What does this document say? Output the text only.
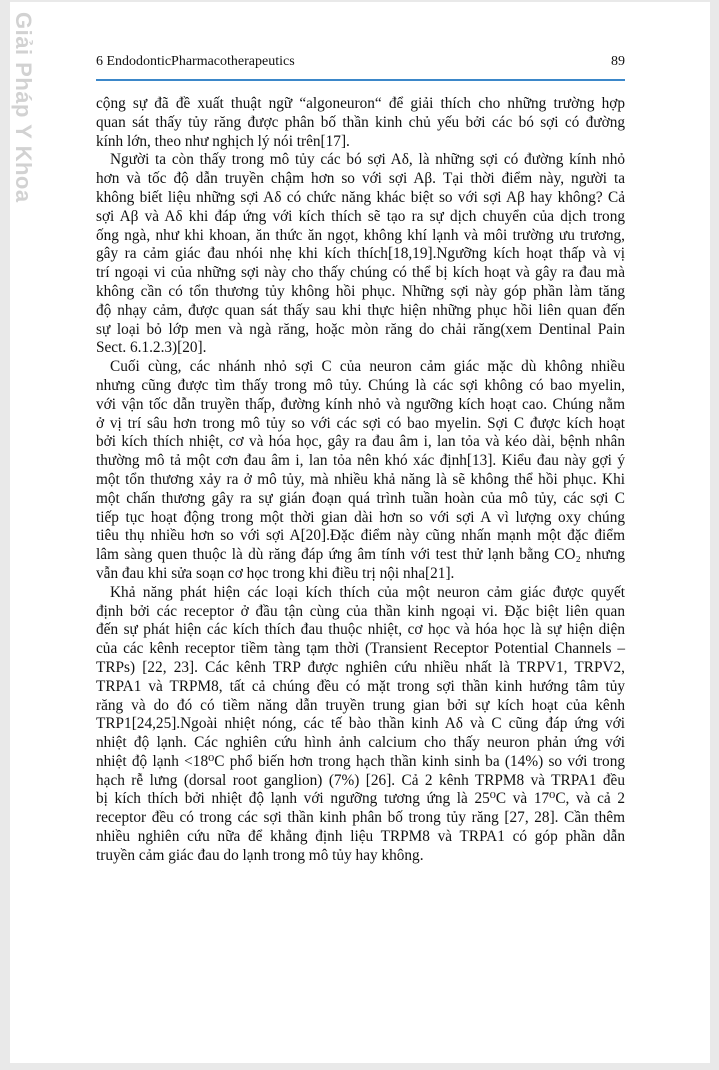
6 EndodonticPharmacotherapeutics	89
cộng sự đã đề xuất thuật ngữ “algoneuron“ để giải thích cho những trường hợp
quan sát thấy tủy răng được phân bố thần kinh chủ yếu bởi các bó sợi có đường
kính lớn, theo như nghịch lý nói trên[17].
Người ta còn thấy trong mô tủy các bó sợi Aδ, là những sợi có đường kính nhỏ
hơn và tốc độ dẫn truyền chậm hơn so với sợi Aβ. Tại thời điểm này, người ta
không biết liệu những sợi Aδ có chức năng khác biệt so với sợi Aβ hay không? Cả
sợi Aβ và Aδ khi đáp ứng với kích thích sẽ tạo ra sự dịch chuyển của dịch trong
ống ngà, như khi khoan, ăn thức ăn ngọt, không khí lạnh và môi trường ưu trương,
gây ra cảm giác đau nhói nhẹ khi kích thích[18,19].Ngưỡng kích hoạt thấp và vị
trí ngoại vi của những sợi này cho thấy chúng có thể bị kích hoạt và gây ra đau mà
không cần có tổn thương tủy không hồi phục. Những sợi này góp phần làm tăng
độ nhạy cảm, được quan sát thấy sau khi thực hiện những phục hồi liên quan đến
sự loại bỏ lớp men và ngà răng, hoặc mòn răng do chải răng(xem Dentinal Pain
Sect. 6.1.2.3)[20].
Cuối cùng, các nhánh nhỏ sợi C của neuron cảm giác mặc dù không nhiều
nhưng cũng được tìm thấy trong mô tủy. Chúng là các sợi không có bao myelin,
với vận tốc dẫn truyền thấp, đường kính nhỏ và ngưỡng kích hoạt cao. Chúng nằm
ở vị trí sâu hơn trong mô tủy so với các sợi có bao myelin. Sợi C được kích hoạt
bởi kích thích nhiệt, cơ và hóa học, gây ra đau âm i, lan tỏa và kéo dài, bệnh nhân
thường mô tả một cơn đau âm i, lan tỏa nên khó xác định[13]. Kiểu đau này gợi ý
một tổn thương xảy ra ở mô tủy, mà nhiều khả năng là sẽ không thể hồi phục. Khi
một chấn thương gây ra sự gián đoạn quá trình tuần hoàn của mô tủy, các sợi C
tiếp tục hoạt động trong một thời gian dài hơn so với sợi A vì lượng oxy chúng
tiêu thụ nhiều hơn so với sợi A[20].Đặc điểm này cũng nhấn mạnh một đặc điểm
lâm sàng quen thuộc là dù răng đáp ứng âm tính với test thử lạnh bằng CO₂ nhưng
vẫn đau khi sửa soạn cơ học trong khi điều trị nội nha[21].
Khả năng phát hiện các loại kích thích của một neuron cảm giác được quyết
định bởi các receptor ở đầu tận cùng của thần kinh ngoại vi. Đặc biệt liên quan
đến sự phát hiện các kích thích đau thuộc nhiệt, cơ học và hóa học là sự hiện diện
của các kênh receptor tiềm tàng tạm thời (Transient Receptor Potential Channels –
TRPs) [22, 23]. Các kênh TRP được nghiên cứu nhiều nhất là TRPV1, TRPV2,
TRPA1 và TRPM8, tất cả chúng đều có mặt trong sợi thần kinh hướng tâm tủy
răng và do đó có tiềm năng dẫn truyền trung gian bởi sự kích hoạt của kênh
TRP1[24,25].Ngoài nhiệt nóng, các tế bào thần kinh Aδ và C cũng đáp ứng với
nhiệt độ lạnh. Các nghiên cứu hình ảnh calcium cho thấy neuron phản ứng với
nhiệt độ lạnh <18⁰C phổ biến hơn trong hạch thần kinh sinh ba (14%) so với trong
hạch rễ lưng (dorsal root ganglion) (7%) [26]. Cả 2 kênh TRPM8 và TRPA1 đều
bị kích thích bởi nhiệt độ lạnh với ngưỡng tương ứng là 25⁰C và 17⁰C, và cả 2
receptor đều có trong các sợi thần kinh phân bố trong tủy răng [27, 28]. Cần thêm
nhiều nghiên cứu nữa để khẳng định liệu TRPM8 và TRPA1 có góp phần dẫn
truyền cảm giác đau do lạnh trong mô tủy hay không.
Giải Pháp Y Khoa
